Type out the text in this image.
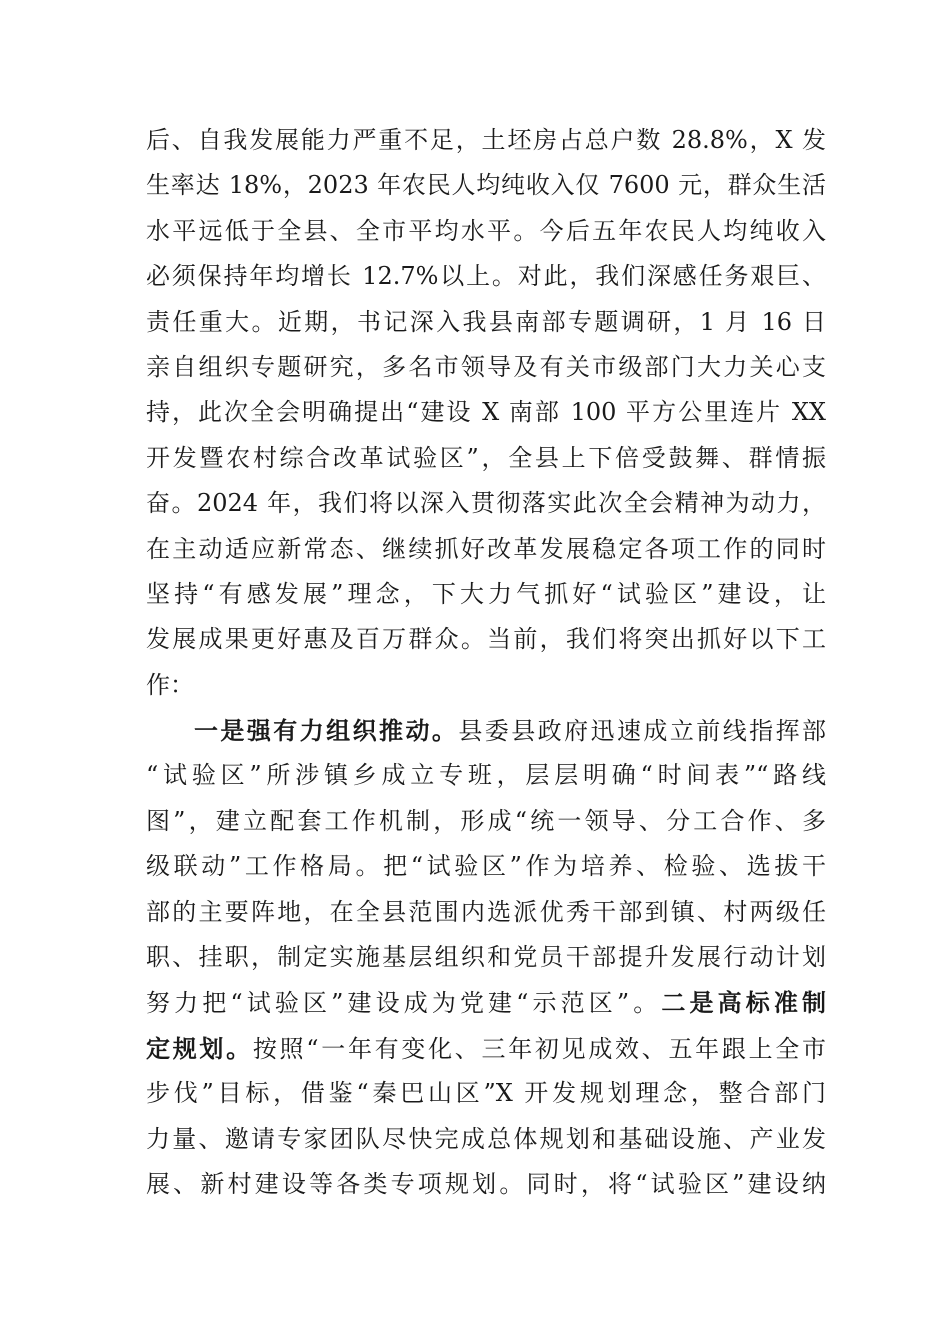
后、自我发展能力严重不足，土坯房占总户数 28.8%，X 发
生率达 18%，2023 年农民人均纯收入仅 7600 元，群众生活
水平远低于全县、全市平均水平。今后五年农民人均纯收入
必须保持年均增长 12.7%以上。对此，我们深感任务艰巨、
责任重大。近期，书记深入我县南部专题调研，1 月 16 日
亲自组织专题研究，多名市领导及有关市级部门大力关心支
持，此次全会明确提出“建设 X 南部 100 平方公里连片 XX
开发暨农村综合改革试验区”，全县上下倍受鼓舞、群情振
奋。2024 年，我们将以深入贯彻落实此次全会精神为动力，
在主动适应新常态、继续抓好改革发展稳定各项工作的同时
坚持“有感发展”理念，下大力气抓好“试验区”建设，让
发展成果更好惠及百万群众。当前，我们将突出抓好以下工
作：
一是强有力组织推动。县委县政府迅速成立前线指挥部
“试验区”所涉镇乡成立专班，层层明确“时间表”“路线
图”，建立配套工作机制，形成“统一领导、分工合作、多
级联动”工作格局。把“试验区”作为培养、检验、选拔干
部的主要阵地，在全县范围内选派优秀干部到镇、村两级任
职、挂职，制定实施基层组织和党员干部提升发展行动计划
努力把“试验区”建设成为党建“示范区”。二是高标准制
定规划。按照“一年有变化、三年初见成效、五年跟上全市
步伐”目标，借鉴“秦巴山区”X 开发规划理念，整合部门
力量、邀请专家团队尽快完成总体规划和基础设施、产业发
展、新村建设等各类专项规划。同时，将“试验区”建设纳
